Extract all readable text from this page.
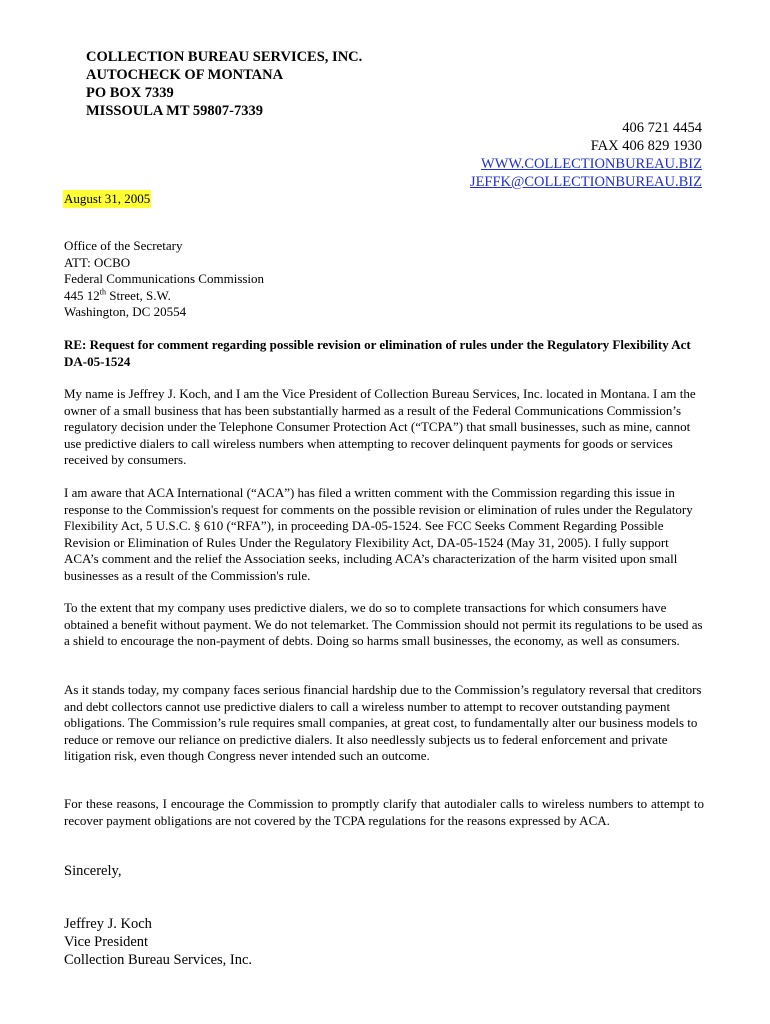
COLLECTION BUREAU SERVICES, INC.
AUTOCHECK OF MONTANA
PO BOX 7339
MISSOULA MT 59807-7339
406 721 4454
FAX 406 829 1930
WWW.COLLECTIONBUREAU.BIZ
JEFFK@COLLECTIONBUREAU.BIZ
August 31, 2005
Office of the Secretary
ATT: OCBO
Federal Communications Commission
445 12th Street, S.W.
Washington, DC 20554
RE: Request for comment regarding possible revision or elimination of rules under the Regulatory Flexibility Act DA-05-1524

My name is Jeffrey J. Koch, and I am the Vice President of Collection Bureau Services, Inc. located in Montana. I am the owner of a small business that has been substantially harmed as a result of the Federal Communications Commission’s regulatory decision under the Telephone Consumer Protection Act (“TCPA”) that small businesses, such as mine, cannot use predictive dialers to call wireless numbers when attempting to recover delinquent payments for goods or services received by consumers.

I am aware that ACA International (“ACA”) has filed a written comment with the Commission regarding this issue in response to the Commission's request for comments on the possible revision or elimination of rules under the Regulatory Flexibility Act, 5 U.S.C. § 610 (“RFA”), in proceeding DA-05-1524. See FCC Seeks Comment Regarding Possible Revision or Elimination of Rules Under the Regulatory Flexibility Act, DA-05-1524 (May 31, 2005). I fully support ACA’s comment and the relief the Association seeks, including ACA’s characterization of the harm visited upon small businesses as a result of the Commission's rule.

To the extent that my company uses predictive dialers, we do so to complete transactions for which consumers have obtained a benefit without payment. We do not telemarket. The Commission should not permit its regulations to be used as a shield to encourage the non-payment of debts. Doing so harms small businesses, the economy, as well as consumers.

As it stands today, my company faces serious financial hardship due to the Commission’s regulatory reversal that creditors and debt collectors cannot use predictive dialers to call a wireless number to attempt to recover outstanding payment obligations. The Commission’s rule requires small companies, at great cost, to fundamentally alter our business models to reduce or remove our reliance on predictive dialers. It also needlessly subjects us to federal enforcement and private litigation risk, even though Congress never intended such an outcome.

For these reasons, I encourage the Commission to promptly clarify that autodialer calls to wireless numbers to attempt to recover payment obligations are not covered by the TCPA regulations for the reasons expressed by ACA.

Sincerely,
Jeffrey J. Koch
Vice President
Collection Bureau Services, Inc.
